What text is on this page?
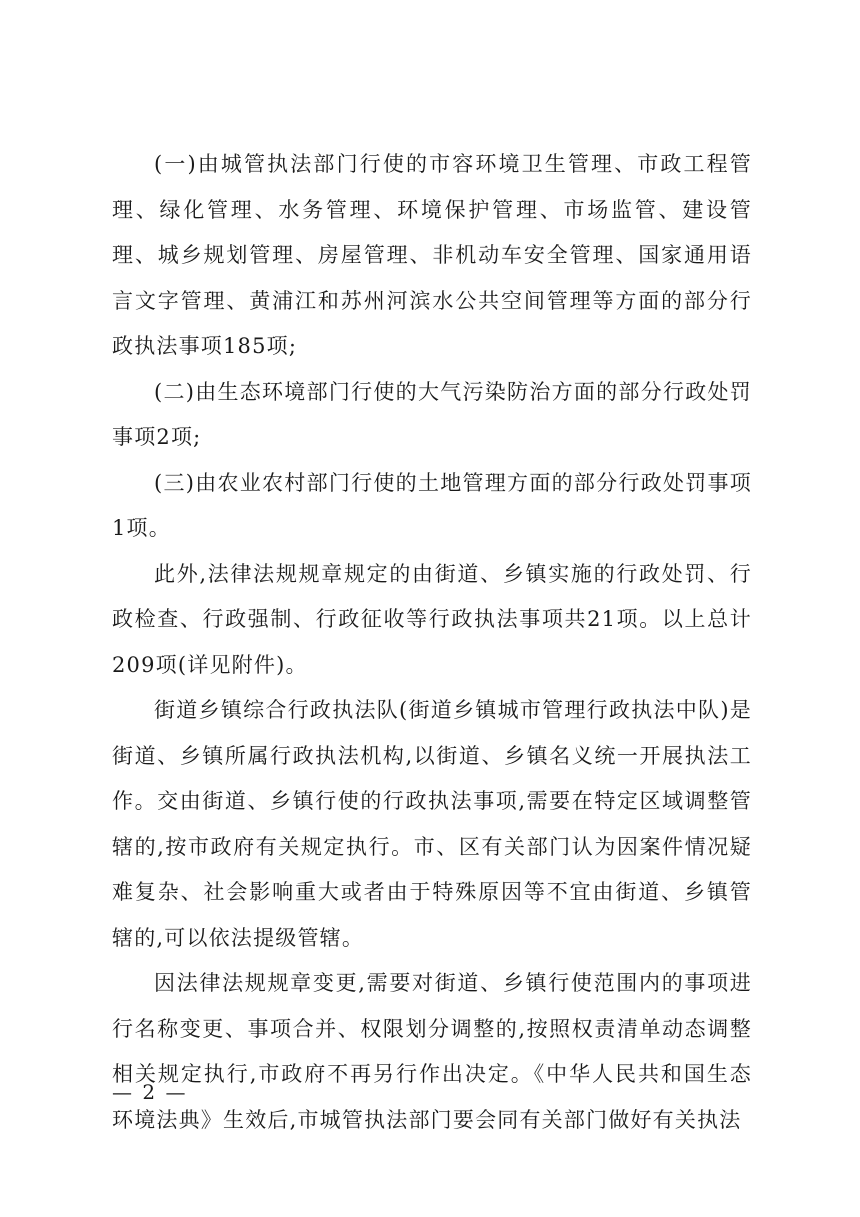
(一)由城管执法部门行使的市容环境卫生管理、市政工程管理、绿化管理、水务管理、环境保护管理、市场监管、建设管理、城乡规划管理、房屋管理、非机动车安全管理、国家通用语言文字管理、黄浦江和苏州河滨水公共空间管理等方面的部分行政执法事项185项;

(二)由生态环境部门行使的大气污染防治方面的部分行政处罚事项2项;

(三)由农业农村部门行使的土地管理方面的部分行政处罚事项1项。

此外,法律法规规章规定的由街道、乡镇实施的行政处罚、行政检查、行政强制、行政征收等行政执法事项共21项。以上总计209项(详见附件)。

街道乡镇综合行政执法队(街道乡镇城市管理行政执法中队)是街道、乡镇所属行政执法机构,以街道、乡镇名义统一开展执法工作。交由街道、乡镇行使的行政执法事项,需要在特定区域调整管辖的,按市政府有关规定执行。市、区有关部门认为因案件情况疑难复杂、社会影响重大或者由于特殊原因等不宜由街道、乡镇管辖的,可以依法提级管辖。

因法律法规规章变更,需要对街道、乡镇行使范围内的事项进行名称变更、事项合并、权限划分调整的,按照权责清单动态调整相关规定执行,市政府不再另行作出决定。《中华人民共和国生态环境法典》生效后,市城管执法部门要会同有关部门做好有关执法

— 2 —
